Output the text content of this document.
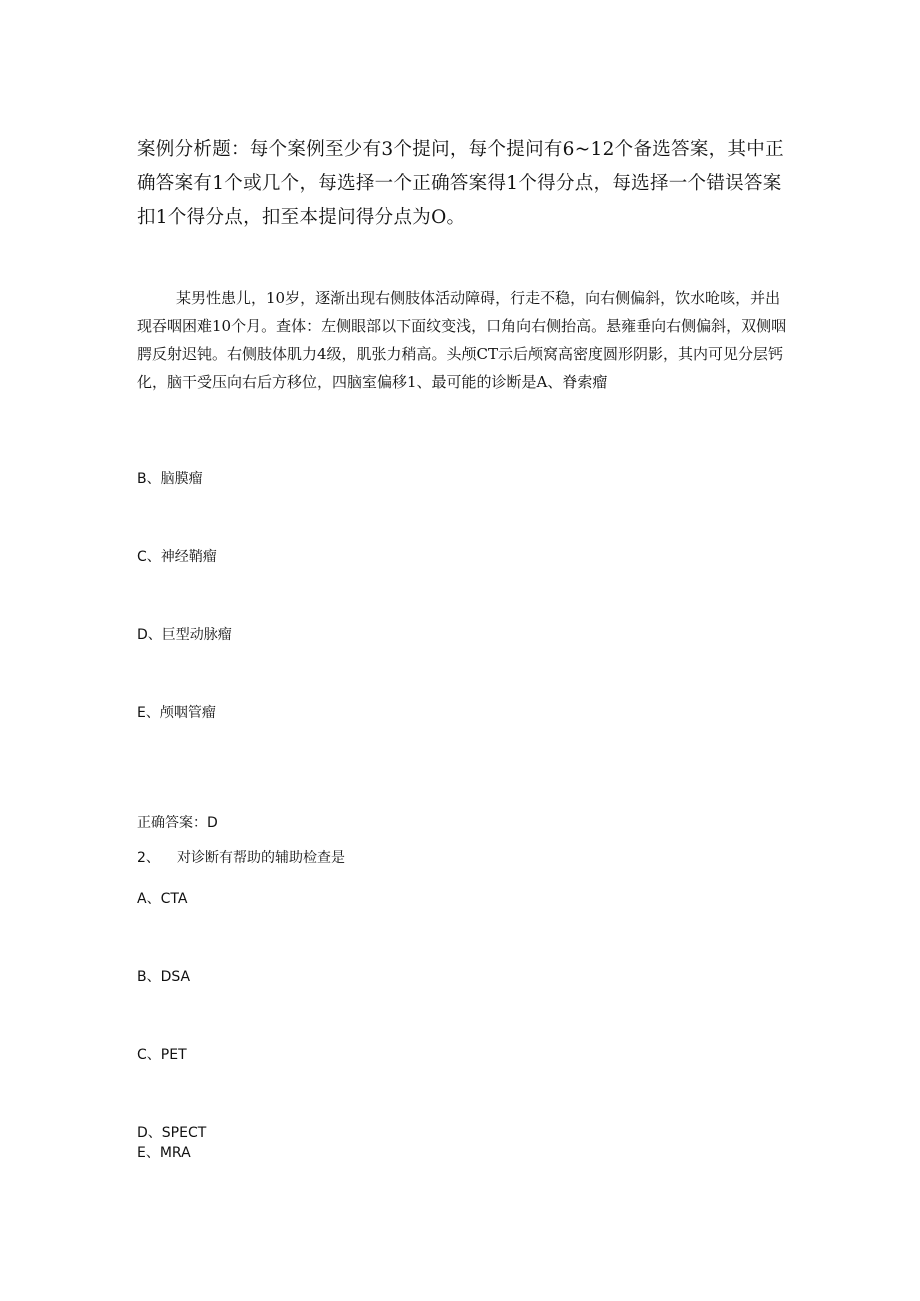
案例分析题：每个案例至少有3个提问，每个提问有6~12个备选答案，其中正确答案有1个或几个，每选择一个正确答案得1个得分点，每选择一个错误答案扣1个得分点，扣至本提问得分点为O。

某男性患儿，10岁，逐渐出现右侧肢体活动障碍，行走不稳，向右侧偏斜，饮水呛咳，并出现吞咽困难10个月。查体：左侧眼部以下面纹变浅，口角向右侧抬高。悬雍垂向右侧偏斜，双侧咽腭反射迟钝。右侧肢体肌力4级，肌张力稍高。头颅CT示后颅窝高密度圆形阴影，其内可见分层钙化，脑干受压向右后方移位，四脑室偏移1、最可能的诊断是A、脊索瘤

B、脑膜瘤

C、神经鞘瘤

D、巨型动脉瘤

E、颅咽管瘤

正确答案：D

2、 对诊断有帮助的辅助检查是

A、CTA

B、DSA

C、PET

D、SPECT

E、MRA
